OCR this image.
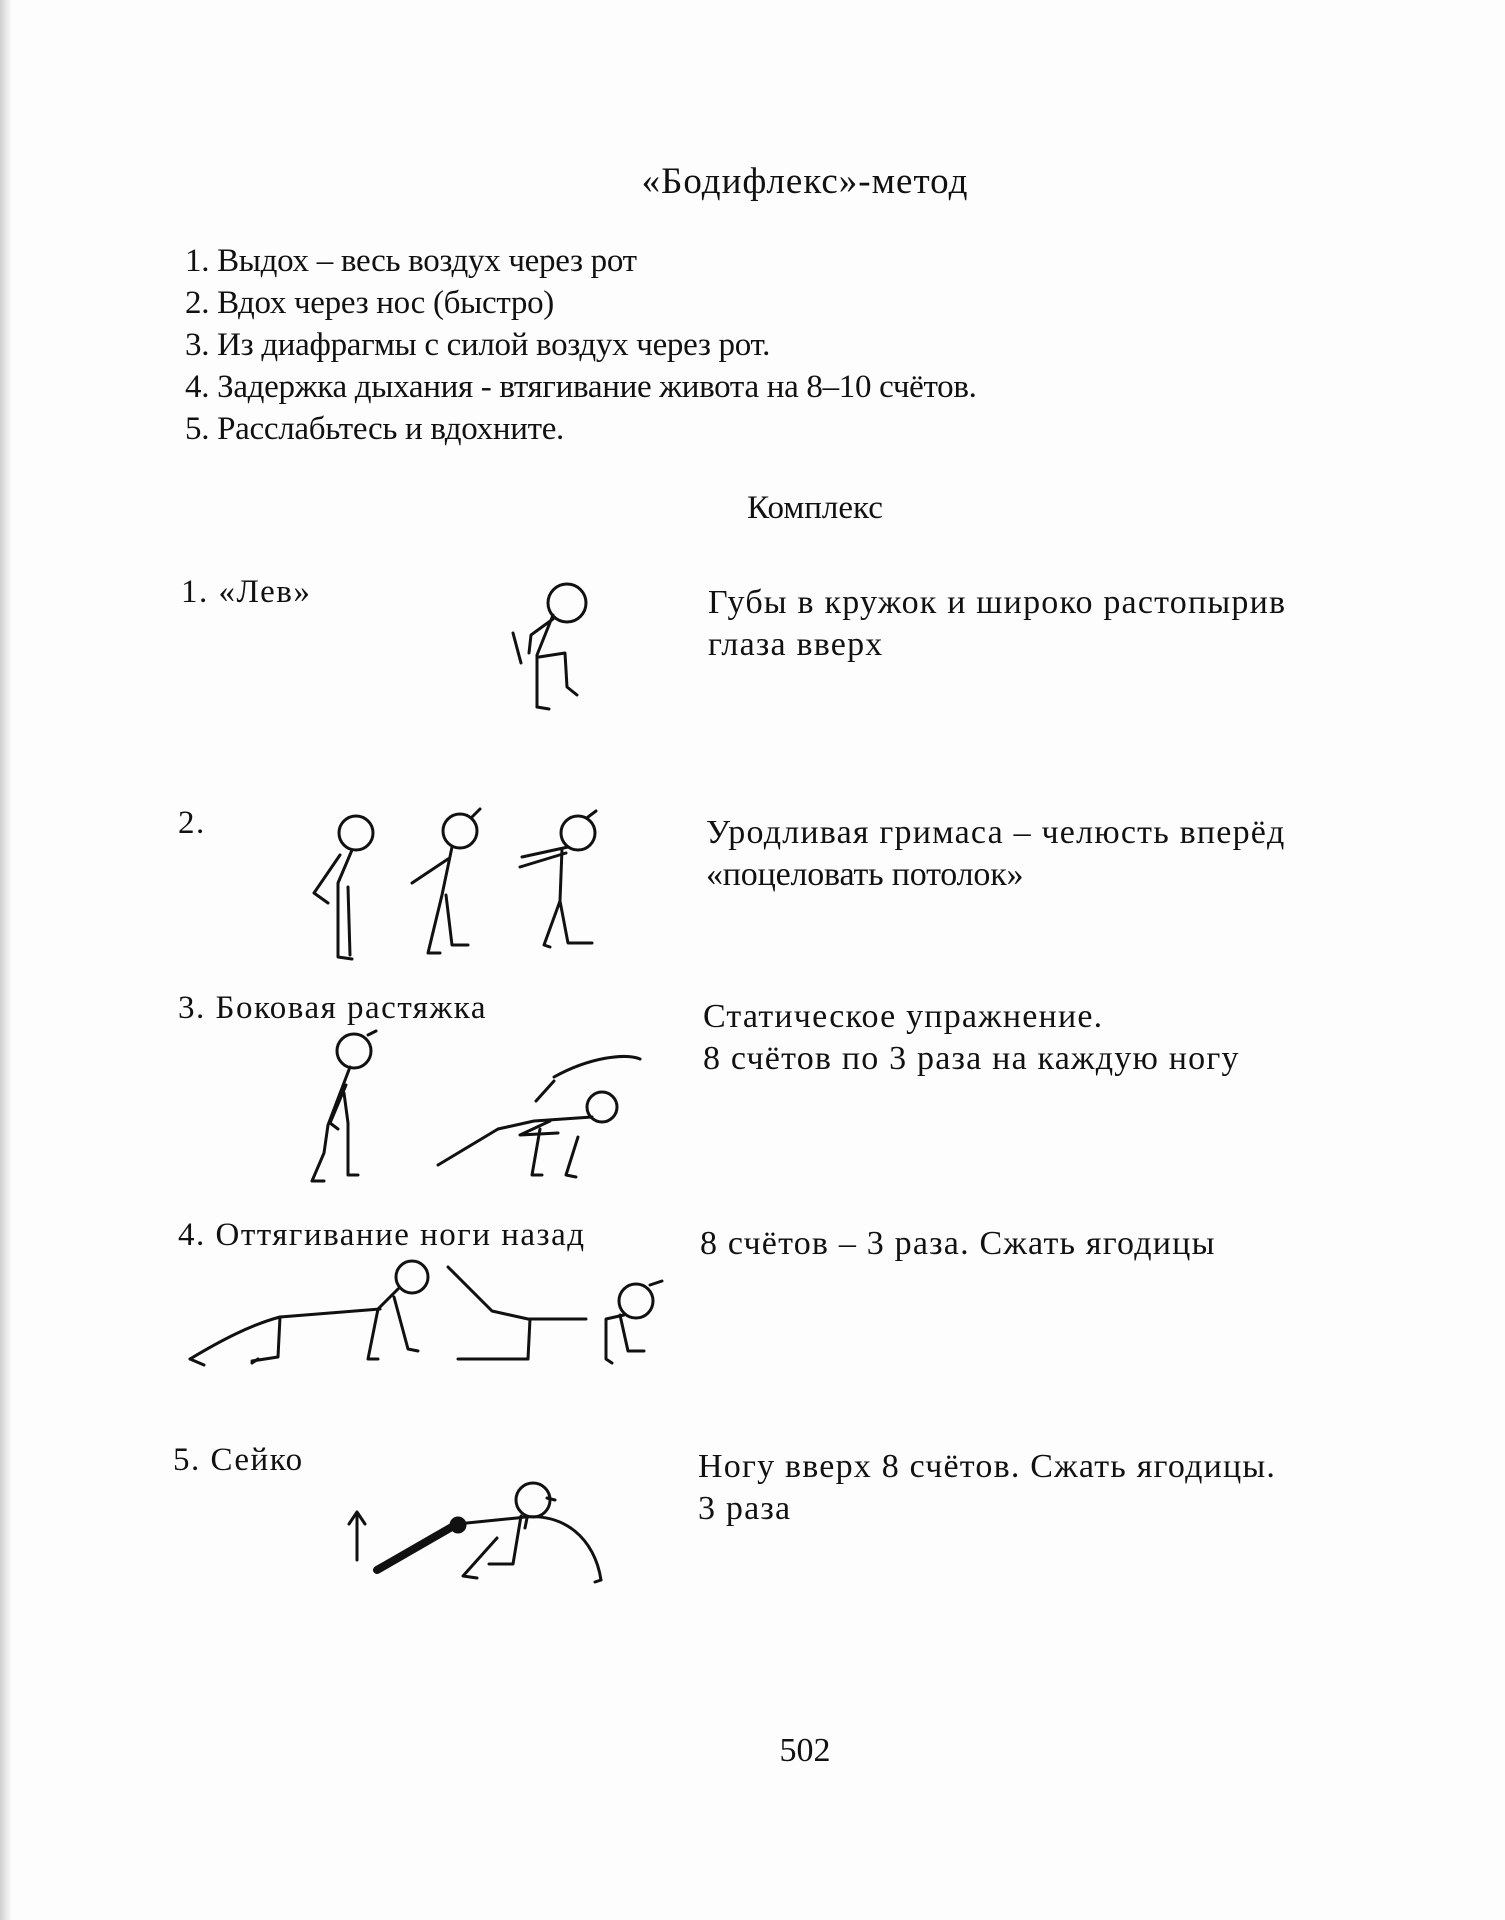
«Бодифлекс»-метод
1. Выдох – весь воздух через рот
2. Вдох через нос (быстро)
3. Из диафрагмы с силой воздух через рот.
4. Задержка дыхания - втягивание живота на 8–10 счётов.
5. Расслабьтесь и вдохните.
Комплекс
1. «Лев»	Губы в кружок и широко растопырив
глаза вверх
2.	Уродливая гримаса – челюсть вперёд
«поцеловать потолок»
3. Боковая растяжка	Статическое упражнение.
8 счётов по 3 раза на каждую ногу
4. Оттягивание ноги назад	8 счётов – 3 раза. Сжать ягодицы
5. Сейко	Ногу вверх 8 счётов. Сжать ягодицы.
3 раза
502
